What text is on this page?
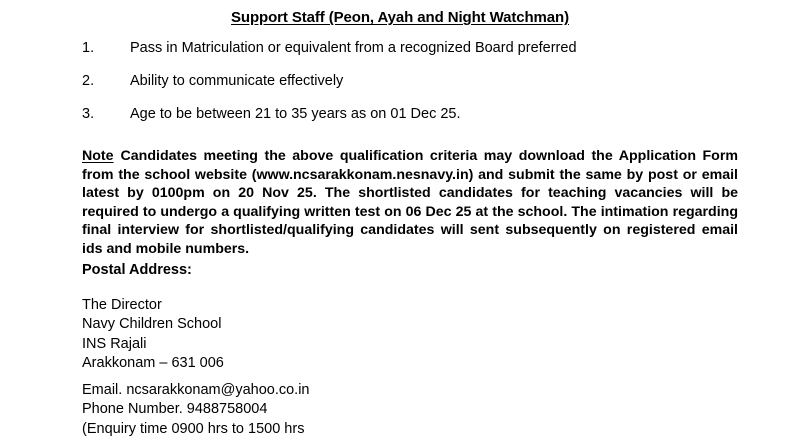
Support Staff (Peon, Ayah and Night Watchman)
1. Pass in Matriculation or equivalent from a recognized Board preferred
2. Ability to communicate effectively
3. Age to be between 21 to 35 years as on 01 Dec 25.
Note Candidates meeting the above qualification criteria may download the Application Form from the school website (www.ncsarakkonam.nesnavy.in) and submit the same by post or email latest by 0100pm on 20 Nov 25. The shortlisted candidates for teaching vacancies will be required to undergo a qualifying written test on 06 Dec 25 at the school. The intimation regarding final interview for shortlisted/qualifying candidates will sent subsequently on registered email ids and mobile numbers.
Postal Address:
The Director
Navy Children School
INS Rajali
Arakkonam – 631 006
Email. ncsarakkonam@yahoo.co.in
Phone Number. 9488758004
(Enquiry time 0900 hrs to 1500 hrs
